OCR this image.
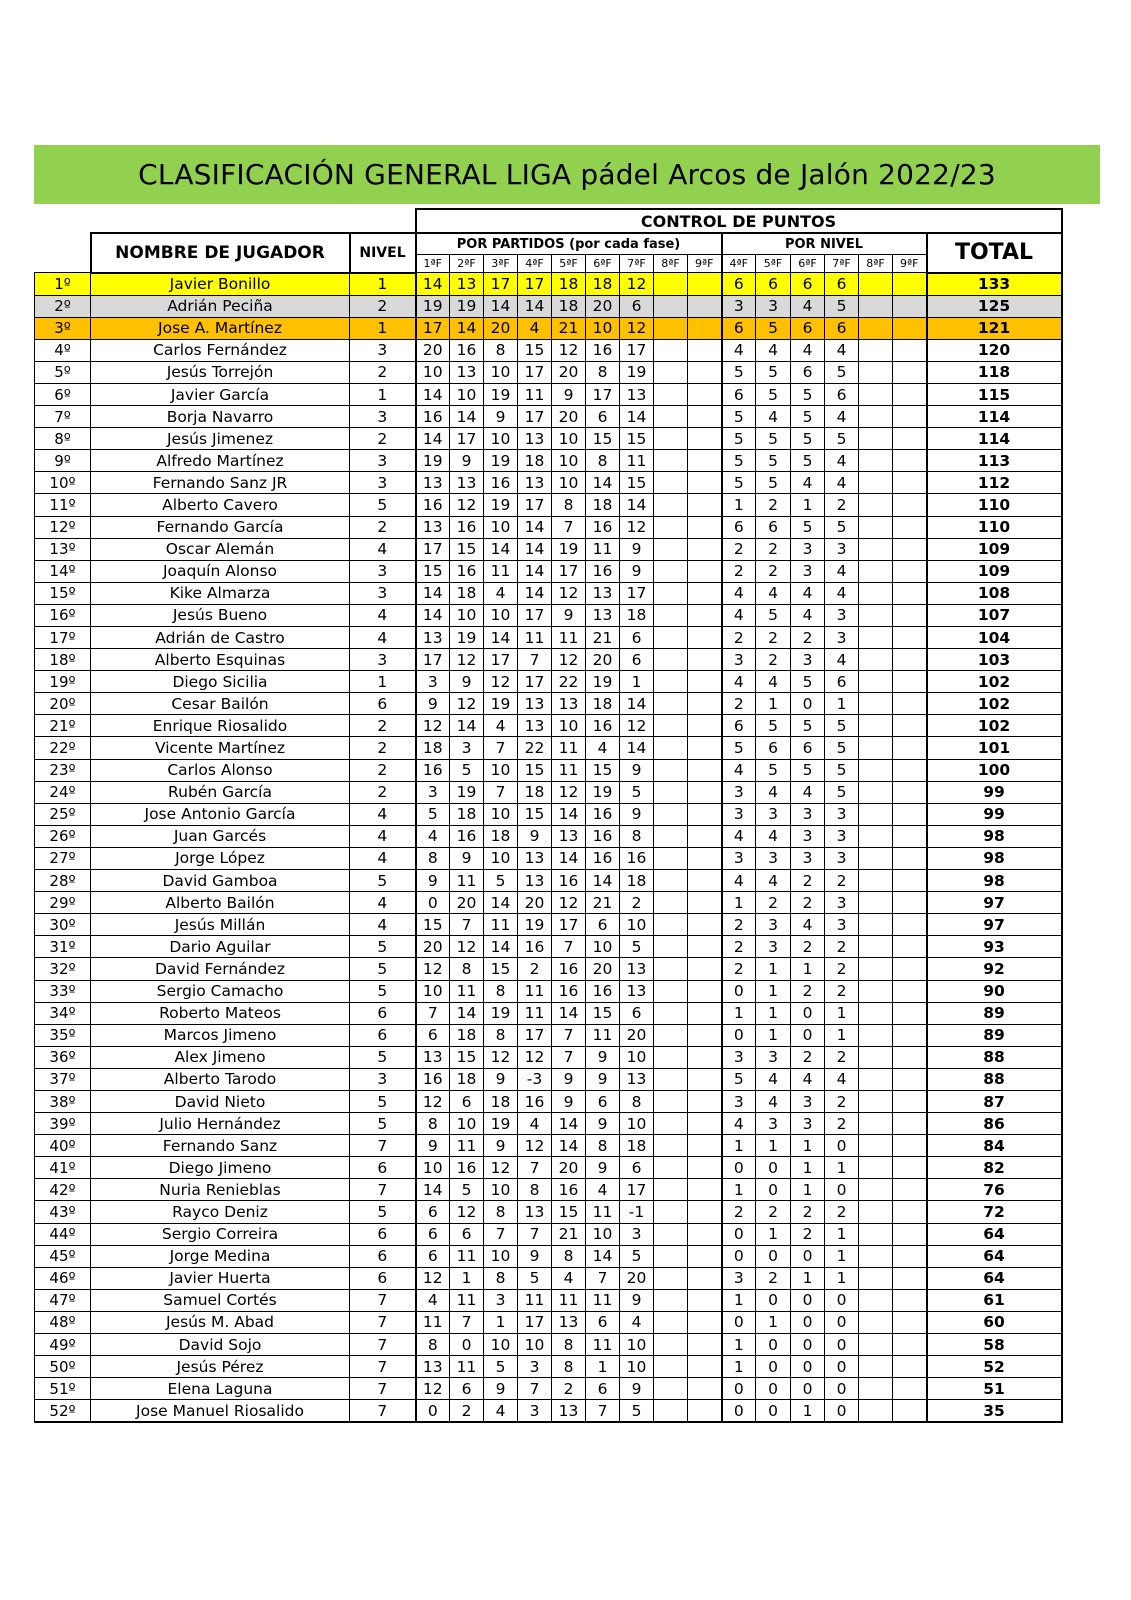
CLASIFICACIÓN GENERAL LIGA pádel Arcos de Jalón 2022/23
			CONTROL DE PUNTOS															
	NOMBRE DE JUGADOR	NIVEL	POR PARTIDOS (por cada fase)									POR NIVEL						TOTAL
			1ªF	2ªF	3ªF	4ªF	5ªF	6ªF	7ªF	8ªF	9ªF	4ªF	5ªF	6ªF	7ªF	8ªF	9ªF	
1º	Javier Bonillo	1	14	13	17	17	18	18	12			6	6	6	6			133
2º	Adrián Peciña	2	19	19	14	14	18	20	6			3	3	4	5			125
3º	Jose A. Martínez	1	17	14	20	4	21	10	12			6	5	6	6			121
4º	Carlos Fernández	3	20	16	8	15	12	16	17			4	4	4	4			120
5º	Jesús Torrejón	2	10	13	10	17	20	8	19			5	5	6	5			118
6º	Javier García	1	14	10	19	11	9	17	13			6	5	5	6			115
7º	Borja Navarro	3	16	14	9	17	20	6	14			5	4	5	4			114
8º	Jesús Jimenez	2	14	17	10	13	10	15	15			5	5	5	5			114
9º	Alfredo Martínez	3	19	9	19	18	10	8	11			5	5	5	4			113
10º	Fernando Sanz JR	3	13	13	16	13	10	14	15			5	5	4	4			112
11º	Alberto Cavero	5	16	12	19	17	8	18	14			1	2	1	2			110
12º	Fernando García	2	13	16	10	14	7	16	12			6	6	5	5			110
13º	Oscar Alemán	4	17	15	14	14	19	11	9			2	2	3	3			109
14º	Joaquín Alonso	3	15	16	11	14	17	16	9			2	2	3	4			109
15º	Kike Almarza	3	14	18	4	14	12	13	17			4	4	4	4			108
16º	Jesús Bueno	4	14	10	10	17	9	13	18			4	5	4	3			107
17º	Adrián de Castro	4	13	19	14	11	11	21	6			2	2	2	3			104
18º	Alberto Esquinas	3	17	12	17	7	12	20	6			3	2	3	4			103
19º	Diego Sicilia	1	3	9	12	17	22	19	1			4	4	5	6			102
20º	Cesar Bailón	6	9	12	19	13	13	18	14			2	1	0	1			102
21º	Enrique Riosalido	2	12	14	4	13	10	16	12			6	5	5	5			102
22º	Vicente Martínez	2	18	3	7	22	11	4	14			5	6	6	5			101
23º	Carlos Alonso	2	16	5	10	15	11	15	9			4	5	5	5			100
24º	Rubén García	2	3	19	7	18	12	19	5			3	4	4	5			99
25º	Jose Antonio García	4	5	18	10	15	14	16	9			3	3	3	3			99
26º	Juan Garcés	4	4	16	18	9	13	16	8			4	4	3	3			98
27º	Jorge López	4	8	9	10	13	14	16	16			3	3	3	3			98
28º	David Gamboa	5	9	11	5	13	16	14	18			4	4	2	2			98
29º	Alberto Bailón	4	0	20	14	20	12	21	2			1	2	2	3			97
30º	Jesús Millán	4	15	7	11	19	17	6	10			2	3	4	3			97
31º	Dario Aguilar	5	20	12	14	16	7	10	5			2	3	2	2			93
32º	David Fernández	5	12	8	15	2	16	20	13			2	1	1	2			92
33º	Sergio Camacho	5	10	11	8	11	16	16	13			0	1	2	2			90
34º	Roberto Mateos	6	7	14	19	11	14	15	6			1	1	0	1			89
35º	Marcos Jimeno	6	6	18	8	17	7	11	20			0	1	0	1			89
36º	Alex Jimeno	5	13	15	12	12	7	9	10			3	3	2	2			88
37º	Alberto Tarodo	3	16	18	9	-3	9	9	13			5	4	4	4			88
38º	David Nieto	5	12	6	18	16	9	6	8			3	4	3	2			87
39º	Julio Hernández	5	8	10	19	4	14	9	10			4	3	3	2			86
40º	Fernando Sanz	7	9	11	9	12	14	8	18			1	1	1	0			84
41º	Diego Jimeno	6	10	16	12	7	20	9	6			0	0	1	1			82
42º	Nuria Renieblas	7	14	5	10	8	16	4	17			1	0	1	0			76
43º	Rayco Deniz	5	6	12	8	13	15	11	-1			2	2	2	2			72
44º	Sergio Correira	6	6	6	7	7	21	10	3			0	1	2	1			64
45º	Jorge Medina	6	6	11	10	9	8	14	5			0	0	0	1			64
46º	Javier Huerta	6	12	1	8	5	4	7	20			3	2	1	1			64
47º	Samuel Cortés	7	4	11	3	11	11	11	9			1	0	0	0			61
48º	Jesús M. Abad	7	11	7	1	17	13	6	4			0	1	0	0			60
49º	David Sojo	7	8	0	10	10	8	11	10			1	0	0	0			58
50º	Jesús Pérez	7	13	11	5	3	8	1	10			1	0	0	0			52
51º	Elena Laguna	7	12	6	9	7	2	6	9			0	0	0	0			51
52º	Jose Manuel Riosalido	7	0	2	4	3	13	7	5			0	0	1	0			35
